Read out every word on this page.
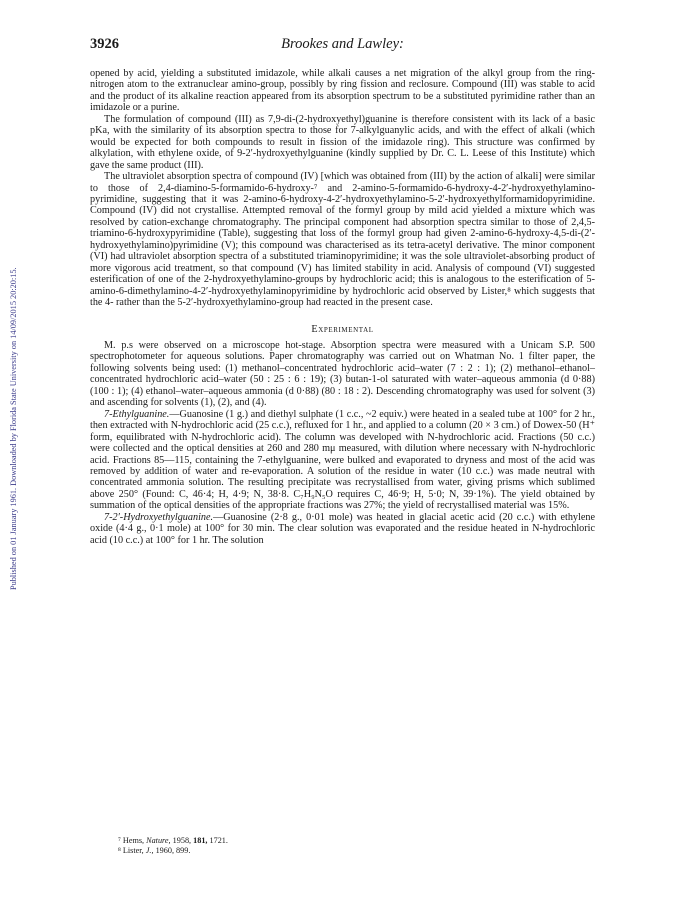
Published on 01 January 1961. Downloaded by Florida State University on 14/09/2015 20:20:15.
3926	Brookes and Lawley:

opened by acid, yielding a substituted imidazole, while alkali causes a net migration of the alkyl group from the ring-nitrogen atom to the extranuclear amino-group, possibly by ring fission and reclosure. Compound (III) was stable to acid and the product of its alkaline reaction appeared from its absorption spectrum to be a substituted pyrimidine rather than an imidazole or a purine.

The formulation of compound (III) as 7,9-di-(2-hydroxyethyl)guanine is therefore consistent with its lack of a basic pKa, with the similarity of its absorption spectra to those for 7-alkylguanylic acids, and with the effect of alkali (which would be expected for both compounds to result in fission of the imidazole ring). This structure was confirmed by alkylation, with ethylene oxide, of 9-2′-hydroxyethylguanine (kindly supplied by Dr. C. L. Leese of this Institute) which gave the same product (III).

The ultraviolet absorption spectra of compound (IV) [which was obtained from (III) by the action of alkali] were similar to those of 2,4-diamino-5-formamido-6-hydroxy-⁷ and 2-amino-5-formamido-6-hydroxy-4-2′-hydroxyethylamino-pyrimidine, suggesting that it was 2-amino-6-hydroxy-4-2′-hydroxyethylamino-5-2′-hydroxyethylformamidopyrimidine. Compound (IV) did not crystallise. Attempted removal of the formyl group by mild acid yielded a mixture which was resolved by cation-exchange chromatography. The principal component had absorption spectra similar to those of 2,4,5-triamino-6-hydroxypyrimidine (Table), suggesting that loss of the formyl group had given 2-amino-6-hydroxy-4,5-di-(2′-hydroxyethylamino)pyrimidine (V); this compound was characterised as its tetra-acetyl derivative. The minor component (VI) had ultraviolet absorption spectra of a substituted triaminopyrimidine; it was the sole ultraviolet-absorbing product of more vigorous acid treatment, so that compound (V) has limited stability in acid. Analysis of compound (VI) suggested esterification of one of the 2-hydroxyethylamino-groups by hydrochloric acid; this is analogous to the esterification of 5-amino-6-dimethylamino-4-2′-hydroxyethylaminopyrimidine by hydrochloric acid observed by Lister,⁸ which suggests that the 4- rather than the 5-2′-hydroxyethylamino-group had reacted in the present case.

Experimental

M. p.s were observed on a microscope hot-stage. Absorption spectra were measured with a Unicam S.P. 500 spectrophotometer for aqueous solutions. Paper chromatography was carried out on Whatman No. 1 filter paper, the following solvents being used: (1) methanol–concentrated hydrochloric acid–water (7 : 2 : 1); (2) methanol–ethanol–concentrated hydrochloric acid–water (50 : 25 : 6 : 19); (3) butan-1-ol saturated with water–aqueous ammonia (d 0·88) (100 : 1); (4) ethanol–water–aqueous ammonia (d 0·88) (80 : 18 : 2). Descending chromatography was used for solvent (3) and ascending for solvents (1), (2), and (4).

7-Ethylguanine.—Guanosine (1 g.) and diethyl sulphate (1 c.c., ~2 equiv.) were heated in a sealed tube at 100° for 2 hr., then extracted with N-hydrochloric acid (25 c.c.), refluxed for 1 hr., and applied to a column (20 × 3 cm.) of Dowex-50 (H⁺ form, equilibrated with N-hydrochloric acid). The column was developed with N-hydrochloric acid. Fractions (50 c.c.) were collected and the optical densities at 260 and 280 mμ measured, with dilution where necessary with N-hydrochloric acid. Fractions 85—115, containing the 7-ethylguanine, were bulked and evaporated to dryness and most of the acid was removed by addition of water and re-evaporation. A solution of the residue in water (10 c.c.) was made neutral with concentrated ammonia solution. The resulting precipitate was recrystallised from water, giving prisms which sublimed above 250° (Found: C, 46·4; H, 4·9; N, 38·8. C₇H₉N₅O requires C, 46·9; H, 5·0; N, 39·1%). The yield obtained by summation of the optical densities of the appropriate fractions was 27%; the yield of recrystallised material was 15%.

7-2′-Hydroxyethylguanine.—Guanosine (2·8 g., 0·01 mole) was heated in glacial acetic acid (20 c.c.) with ethylene oxide (4·4 g., 0·1 mole) at 100° for 30 min. The clear solution was evaporated and the residue heated in N-hydrochloric acid (10 c.c.) at 100° for 1 hr. The solution

⁷ Hems, Nature, 1958, 181, 1721.
⁸ Lister, J., 1960, 899.
